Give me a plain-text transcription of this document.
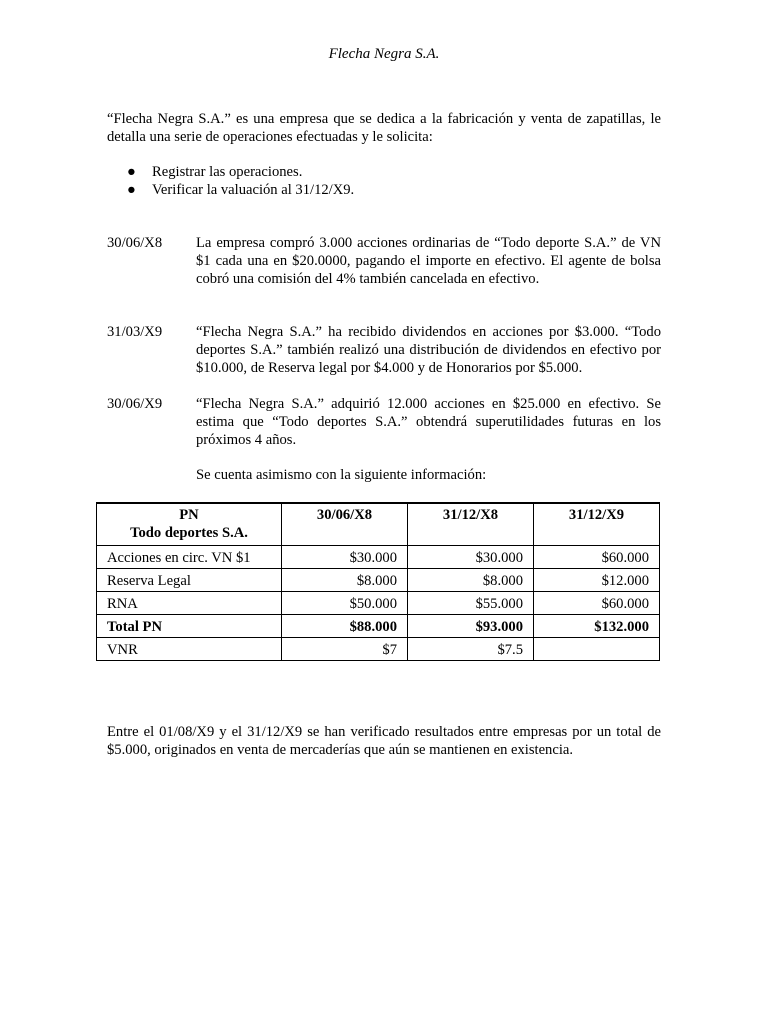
Flecha Negra S.A.
“Flecha Negra S.A.” es una empresa que se dedica a la fabricación y venta de zapatillas, le detalla una serie de operaciones efectuadas y le solicita:
● Registrar las operaciones.
● Verificar la valuación al 31/12/X9.
30/06/X8	La empresa compró 3.000 acciones ordinarias de “Todo deporte S.A.” de VN $1 cada una en $20.0000, pagando el importe en efectivo. El agente de bolsa cobró una comisión del 4% también cancelada en efectivo.
31/03/X9	“Flecha Negra S.A.” ha recibido dividendos en acciones por $3.000. “Todo deportes S.A.” también realizó una distribución de dividendos en efectivo por $10.000, de Reserva legal por $4.000 y de Honorarios por $5.000.
30/06/X9	“Flecha Negra S.A.” adquirió 12.000 acciones en $25.000 en efectivo. Se estima que “Todo deportes S.A.” obtendrá superutilidades futuras en los próximos 4 años.
Se cuenta asimismo con la siguiente información:
PN
Todo deportes S.A.	30/06/X8	31/12/X8	31/12/X9
Acciones en circ. VN $1	$30.000	$30.000	$60.000
Reserva Legal	$8.000	$8.000	$12.000
RNA	$50.000	$55.000	$60.000
Total PN	$88.000	$93.000	$132.000
VNR	$7	$7.5	
Entre el 01/08/X9 y el 31/12/X9 se han verificado resultados entre empresas por un total de $5.000, originados en venta de mercaderías que aún se mantienen en existencia.
